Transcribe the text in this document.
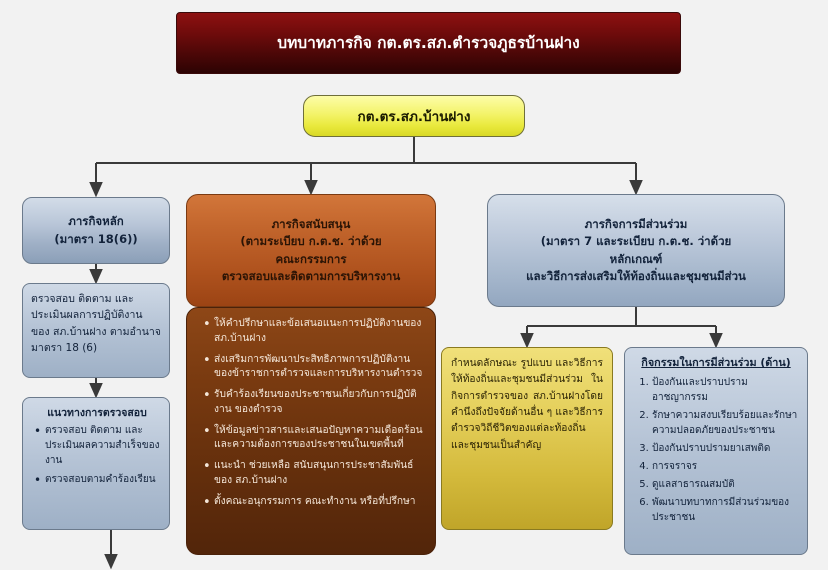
บทบาทภารกิจ กต.ตร.สภ.ตำรวจภูธรบ้านฝาง
กต.ตร.สภ.บ้านฝาง
ภารกิจหลัก
(มาตรา 18(6))
ตรวจสอบ ติดตาม และประเมินผลการปฏิบัติงานของ สภ.บ้านฝาง ตามอำนาจมาตรา 18 (6)
แนวทางการตรวจสอบ
• ตรวจสอบ ติดตาม และประเมินผลความสำเร็จของงาน
• ตรวจสอบตามคำร้องเรียน
ภารกิจสนับสนุน
(ตามระเบียบ ก.ต.ช. ว่าด้วย
คณะกรรมการ
ตรวจสอบและติดตามการบริหารงาน
• ให้คำปรึกษาและข้อเสนอแนะการปฏิบัติงานของ สภ.บ้านฝาง
• ส่งเสริมการพัฒนาประสิทธิภาพการปฏิบัติงานของข้าราชการตำรวจและการบริหารงานตำรวจ
• รับคำร้องเรียนของประชาชนเกี่ยวกับการปฏิบัติงาน ของตำรวจ
• ให้ข้อมูลข่าวสารและเสนอปัญหาความเดือดร้อนและความต้องการของประชาชนในเขตพื้นที่
• แนะนำ ช่วยเหลือ สนับสนุนการประชาสัมพันธ์ของ สภ.บ้านฝาง
• ตั้งคณะอนุกรรมการ คณะทำงาน หรือที่ปรึกษา
ภารกิจการมีส่วนร่วม
(มาตรา 7 และระเบียบ ก.ต.ช. ว่าด้วย
หลักเกณฑ์
และวิธีการส่งเสริมให้ท้องถิ่นและชุมชนมีส่วน
กำหนดลักษณะ รูปแบบ และวิธีการให้ท้องถิ่นและชุมชนมีส่วนร่วม ในกิจการตำรวจของ สภ.บ้านฝางโดยคำนึงถึงปัจจัยด้านอื่น ๆ และวิธีการตำรวจวิถีชีวิตของแต่ละท้องถิ่นและชุมชนเป็นสำคัญ
กิจกรรมในการมีส่วนร่วม (ด้าน)
1. ป้องกันและปราบปรามอาชญากรรม
2. รักษาความสงบเรียบร้อยและรักษาความปลอดภัยของประชาชน
3. ป้องกันปราบปรามยาเสพติด
4. การจราจร
5. ดูแลสาธารณสมบัติ
6. พัฒนาบทบาทการมีส่วนร่วมของประชาชน
